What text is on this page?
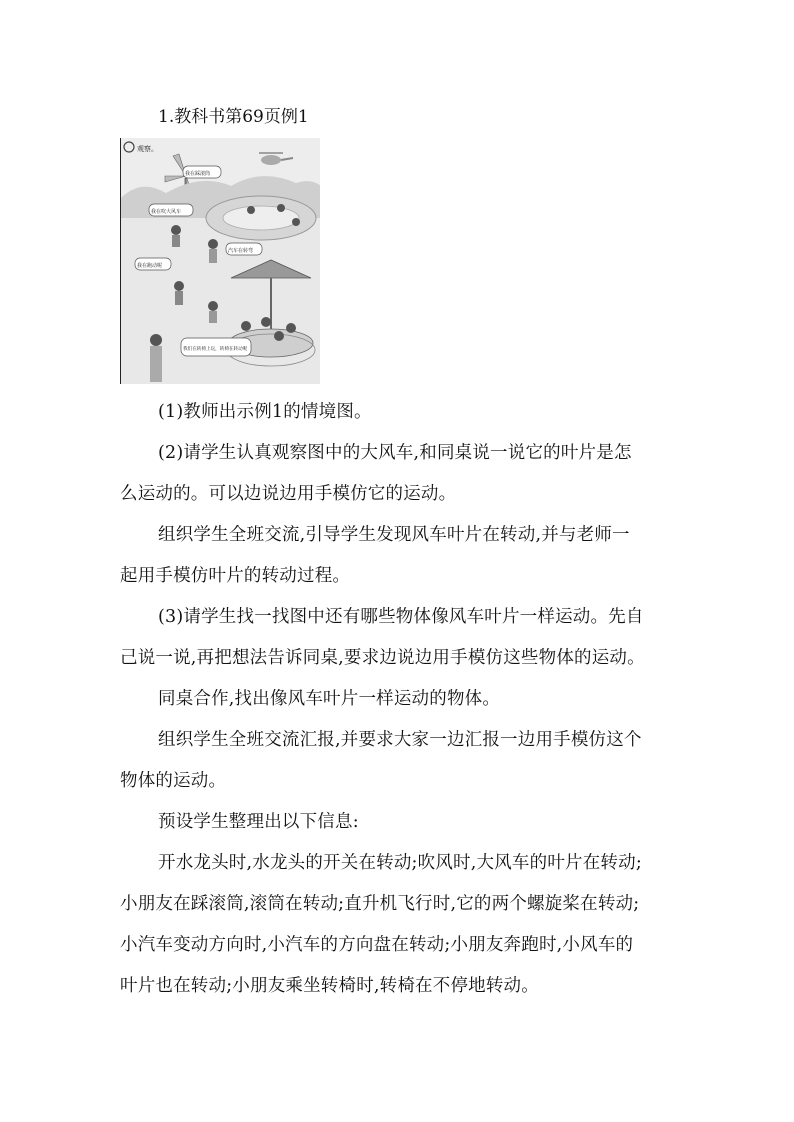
1.教科书第69页例1
观察。
我在踩滚筒
我在吹大风车
汽车在转弯
我在跑动呢
我们在转椅上玩，转椅在转动呢
(1)教师出示例1的情境图。
(2)请学生认真观察图中的大风车,和同桌说一说它的叶片是怎
么运动的。可以边说边用手模仿它的运动。
组织学生全班交流,引导学生发现风车叶片在转动,并与老师一
起用手模仿叶片的转动过程。
(3)请学生找一找图中还有哪些物体像风车叶片一样运动。先自
己说一说,再把想法告诉同桌,要求边说边用手模仿这些物体的运动。
同桌合作,找出像风车叶片一样运动的物体。
组织学生全班交流汇报,并要求大家一边汇报一边用手模仿这个
物体的运动。
预设学生整理出以下信息:
开水龙头时,水龙头的开关在转动;吹风时,大风车的叶片在转动;
小朋友在踩滚筒,滚筒在转动;直升机飞行时,它的两个螺旋桨在转动;
小汽车变动方向时,小汽车的方向盘在转动;小朋友奔跑时,小风车的
叶片也在转动;小朋友乘坐转椅时,转椅在不停地转动。
